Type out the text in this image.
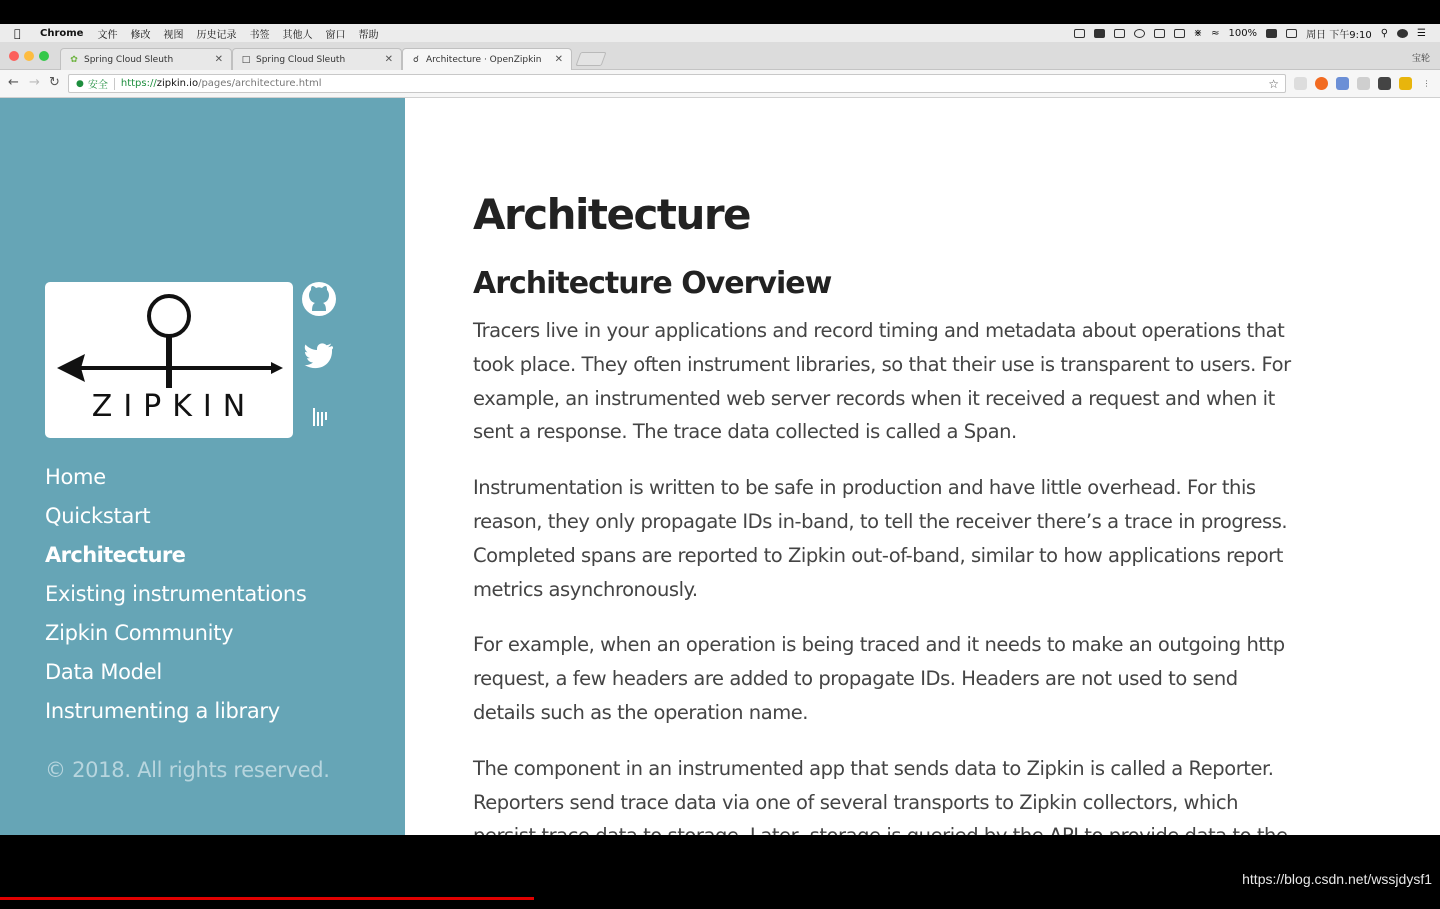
Chrome 文件 修改 视图 历史记录 书签 其他人 窗口 帮助	⋇ ≈ 100%	周日 下午9:10 ⚲	☰
✿ Spring Cloud Sleuth	✕ □ Spring Cloud Sleuth	✕ ☌ Architecture · OpenZipkin ✕	宝轮
← → ↻ ● 安全 https:// zipkin.io /pages/architecture.html	☆	⋮
ZIPKIN
Home
Quickstart
Architecture
Existing instrumentations
Zipkin Community
Data Model
Instrumenting a library
© 2018. All rights reserved.
Architecture
Architecture Overview

Tracers live in your applications and record timing and metadata about operations that took place. They often instrument libraries, so that their use is transparent to users. For example, an instrumented web server records when it received a request and when it sent a response. The trace data collected is called a Span.

Instrumentation is written to be safe in production and have little overhead. For this reason, they only propagate IDs in-band, to tell the receiver there’s a trace in progress. Completed spans are reported to Zipkin out-of-band, similar to how applications report metrics asynchronously.

For example, when an operation is being traced and it needs to make an outgoing http request, a few headers are added to propagate IDs. Headers are not used to send details such as the operation name.

The component in an instrumented app that sends data to Zipkin is called a Reporter. Reporters send trace data via one of several transports to Zipkin collectors, which

https://blog.csdn.net/wssjdysf1
